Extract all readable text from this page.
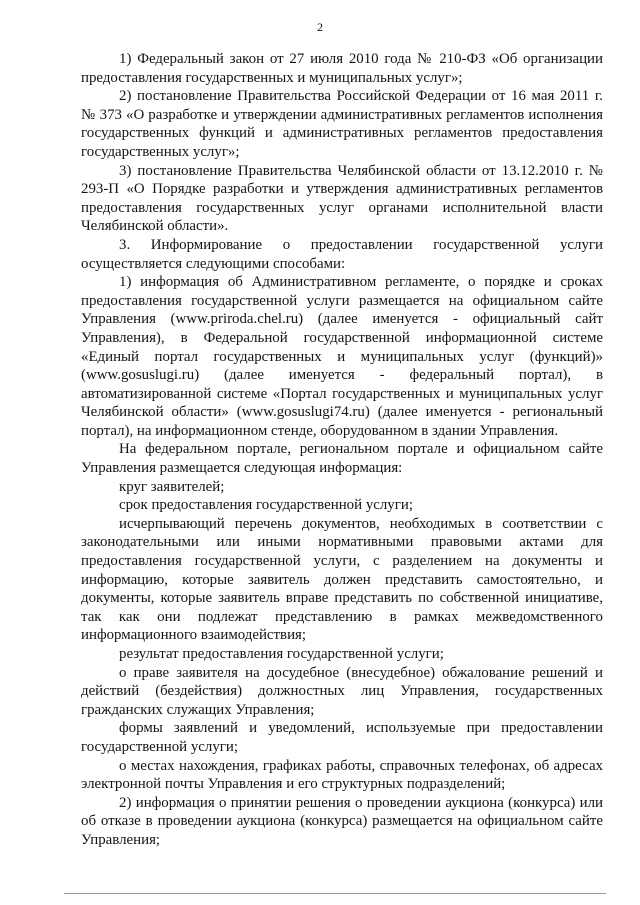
2

1) Федеральный закон от 27 июля 2010 года № 210-ФЗ «Об организации предоставления государственных и муниципальных услуг»;

2) постановление Правительства Российской Федерации от 16 мая 2011 г. № 373 «О разработке и утверждении административных регламентов исполнения государственных функций и административных регламентов предоставления государственных услуг»;

3) постановление Правительства Челябинской области от 13.12.2010 г. № 293-П «О Порядке разработки и утверждения административных регламентов предоставления государственных услуг органами исполнительной власти Челябинской области».

3. Информирование о предоставлении государственной услуги осуществляется следующими способами:

1) информация об Административном регламенте, о порядке и сроках предоставления государственной услуги размещается на официальном сайте Управления (www.priroda.chel.ru) (далее именуется - официальный сайт Управления), в Федеральной государственной информационной системе «Единый портал государственных и муниципальных услуг (функций)» (www.gosuslugi.ru) (далее именуется - федеральный портал), в автоматизированной системе «Портал государственных и муниципальных услуг Челябинской области» (www.gosuslugi74.ru) (далее именуется - региональный портал), на информационном стенде, оборудованном в здании Управления.

На федеральном портале, региональном портале и официальном сайте Управления размещается следующая информация:

круг заявителей;

срок предоставления государственной услуги;

исчерпывающий перечень документов, необходимых в соответствии с законодательными или иными нормативными правовыми актами для предоставления государственной услуги, с разделением на документы и информацию, которые заявитель должен представить самостоятельно, и документы, которые заявитель вправе представить по собственной инициативе, так как они подлежат представлению в рамках межведомственного информационного взаимодействия;

результат предоставления государственной услуги;

о праве заявителя на досудебное (внесудебное) обжалование решений и действий (бездействия) должностных лиц Управления, государственных гражданских служащих Управления;

формы заявлений и уведомлений, используемые при предоставлении государственной услуги;

о местах нахождения, графиках работы, справочных телефонах, об адресах электронной почты Управления и его структурных подразделений;

2) информация о принятии решения о проведении аукциона (конкурса) или об отказе в проведении аукциона (конкурса) размещается на официальном сайте Управления;
